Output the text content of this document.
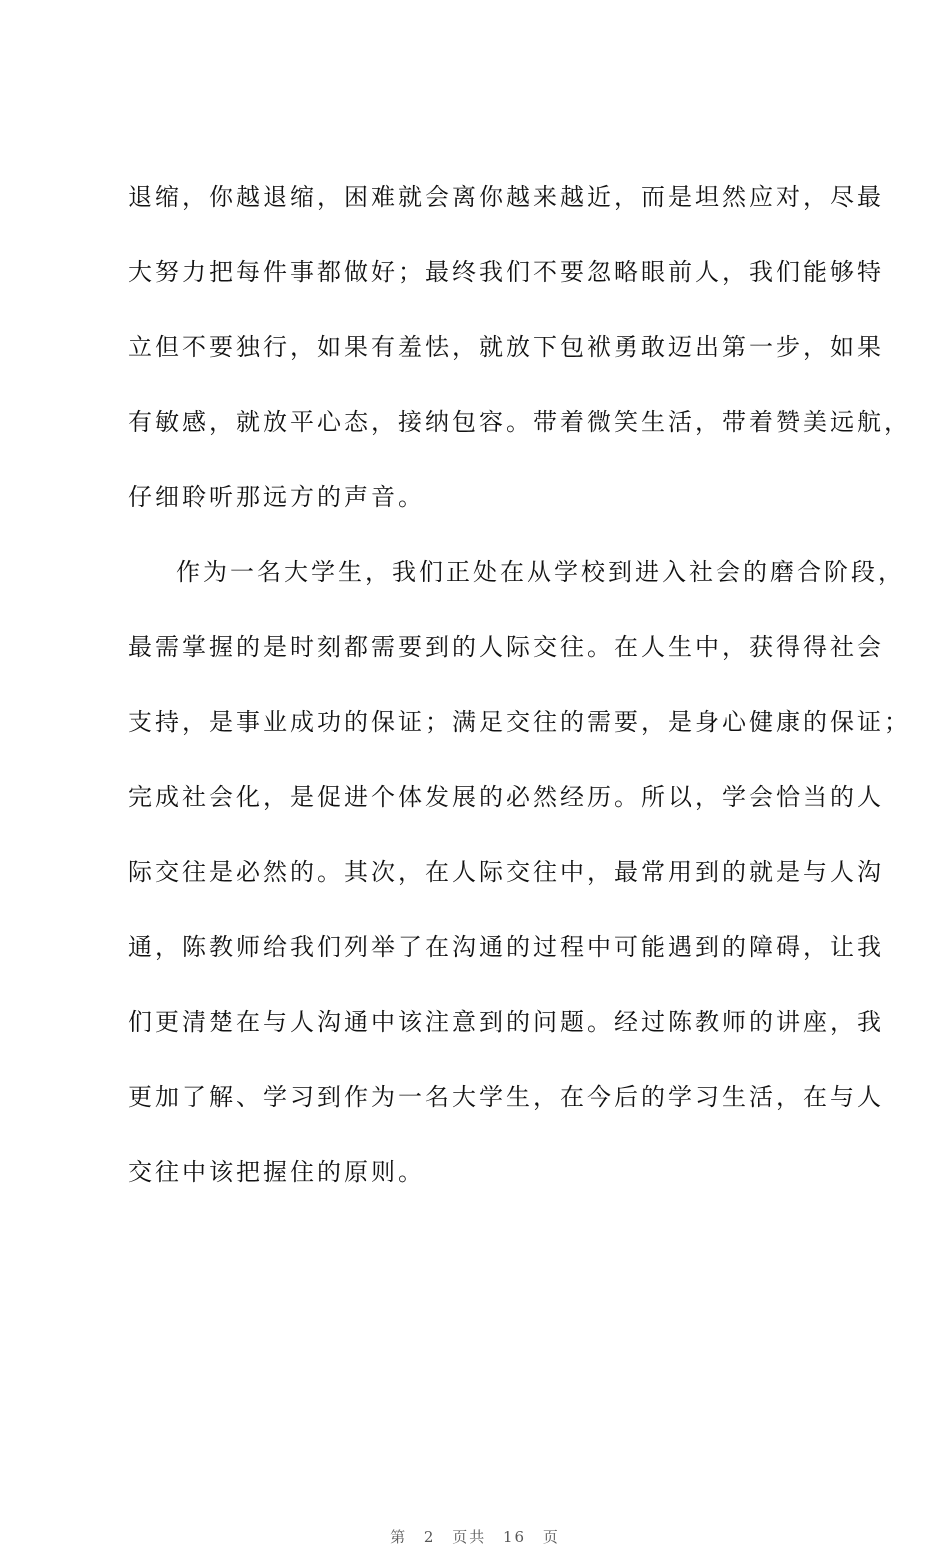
退缩，你越退缩，困难就会离你越来越近，而是坦然应对，尽最
大努力把每件事都做好；最终我们不要忽略眼前人，我们能够特
立但不要独行，如果有羞怯，就放下包袱勇敢迈出第一步，如果
有敏感，就放平心态，接纳包容。带着微笑生活，带着赞美远航，
仔细聆听那远方的声音。
作为一名大学生，我们正处在从学校到进入社会的磨合阶段，
最需掌握的是时刻都需要到的人际交往。在人生中，获得得社会
支持，是事业成功的保证；满足交往的需要，是身心健康的保证；
完成社会化，是促进个体发展的必然经历。所以，学会恰当的人
际交往是必然的。其次，在人际交往中，最常用到的就是与人沟
通，陈教师给我们列举了在沟通的过程中可能遇到的障碍，让我
们更清楚在与人沟通中该注意到的问题。经过陈教师的讲座，我
更加了解、学习到作为一名大学生，在今后的学习生活，在与人
交往中该把握住的原则。
第 2 页共 16 页
